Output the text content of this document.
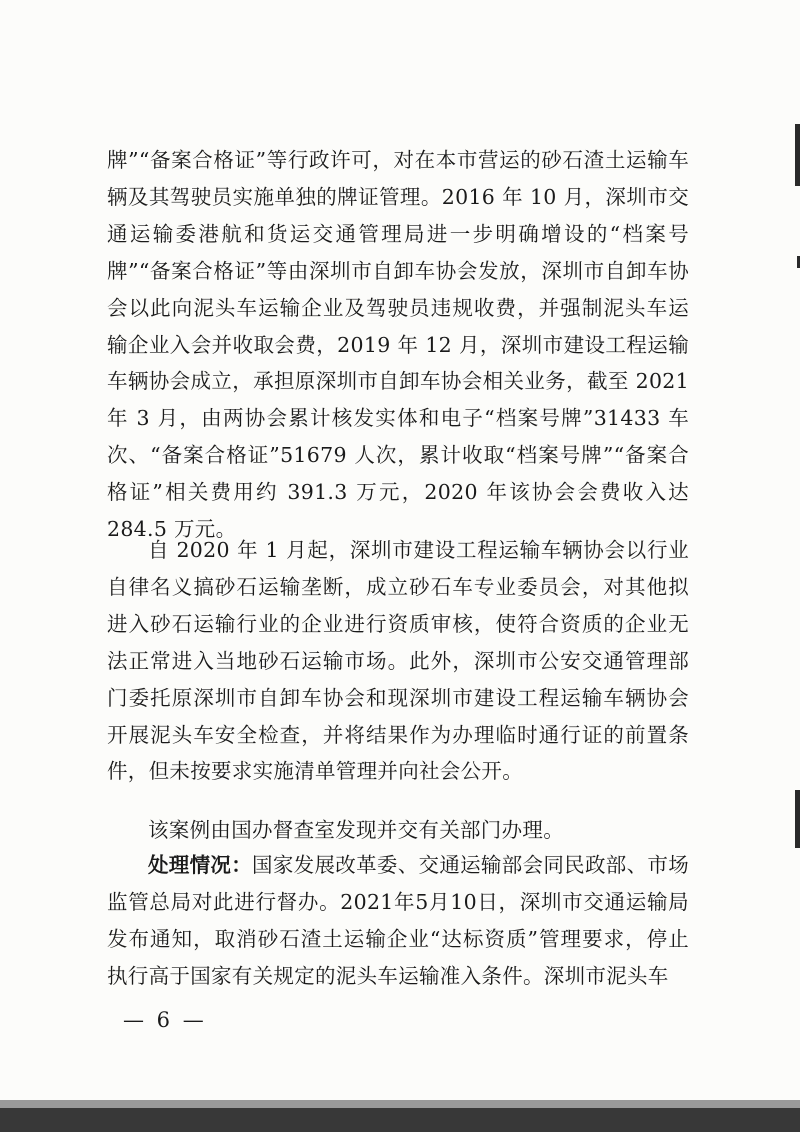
牌”“备案合格证”等行政许可，对在本市营运的砂石渣土运输车辆及其驾驶员实施单独的牌证管理。2016 年 10 月，深圳市交通运输委港航和货运交通管理局进一步明确增设的“档案号牌”“备案合格证”等由深圳市自卸车协会发放，深圳市自卸车协会以此向泥头车运输企业及驾驶员违规收费，并强制泥头车运输企业入会并收取会费，2019 年 12 月，深圳市建设工程运输车辆协会成立，承担原深圳市自卸车协会相关业务，截至 2021 年 3 月，由两协会累计核发实体和电子“档案号牌”31433 车次、“备案合格证”51679 人次，累计收取“档案号牌”“备案合格证”相关费用约 391.3 万元，2020 年该协会会费收入达 284.5 万元。

自 2020 年 1 月起，深圳市建设工程运输车辆协会以行业自律名义搞砂石运输垄断，成立砂石车专业委员会，对其他拟进入砂石运输行业的企业进行资质审核，使符合资质的企业无法正常进入当地砂石运输市场。此外，深圳市公安交通管理部门委托原深圳市自卸车协会和现深圳市建设工程运输车辆协会开展泥头车安全检查，并将结果作为办理临时通行证的前置条件，但未按要求实施清单管理并向社会公开。

该案例由国办督查室发现并交有关部门办理。

处理情况：国家发展改革委、交通运输部会同民政部、市场监管总局对此进行督办。2021年5月10日，深圳市交通运输局发布通知，取消砂石渣土运输企业“达标资质”管理要求，停止执行高于国家有关规定的泥头车运输准入条件。深圳市泥头车

— 6 —
